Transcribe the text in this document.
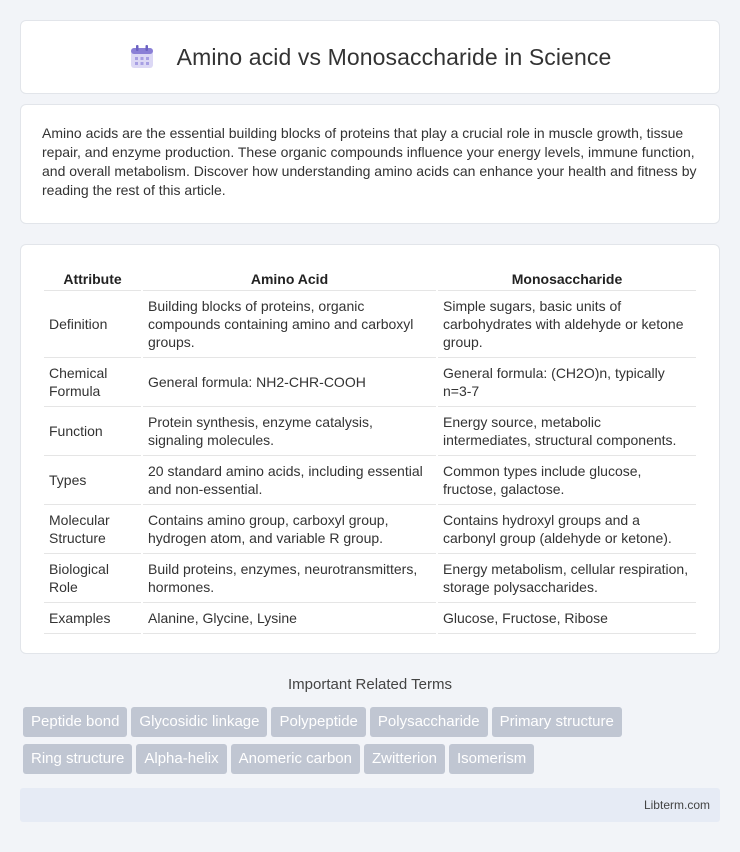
Amino acid vs Monosaccharide in Science

Amino acids are the essential building blocks of proteins that play a crucial role in muscle growth, tissue repair, and enzyme production. These organic compounds influence your energy levels, immune function, and overall metabolism. Discover how understanding amino acids can enhance your health and fitness by reading the rest of this article.

Attribute	Amino Acid	Monosaccharide
Definition	Building blocks of proteins, organic compounds containing amino and carboxyl groups.	Simple sugars, basic units of carbohydrates with aldehyde or ketone group.
Chemical Formula	General formula: NH2-CHR-COOH	General formula: (CH2O)n, typically n=3-7
Function	Protein synthesis, enzyme catalysis, signaling molecules.	Energy source, metabolic intermediates, structural components.
Types	20 standard amino acids, including essential and non-essential.	Common types include glucose, fructose, galactose.
Molecular Structure	Contains amino group, carboxyl group, hydrogen atom, and variable R group.	Contains hydroxyl groups and a carbonyl group (aldehyde or ketone).
Biological Role	Build proteins, enzymes, neurotransmitters, hormones.	Energy metabolism, cellular respiration, storage polysaccharides.
Examples	Alanine, Glycine, Lysine	Glucose, Fructose, Ribose
Important Related Terms
Peptide bond Glycosidic linkage Polypeptide Polysaccharide Primary structure
Ring structure Alpha-helix Anomeric carbon Zwitterion Isomerism
Libterm.com
